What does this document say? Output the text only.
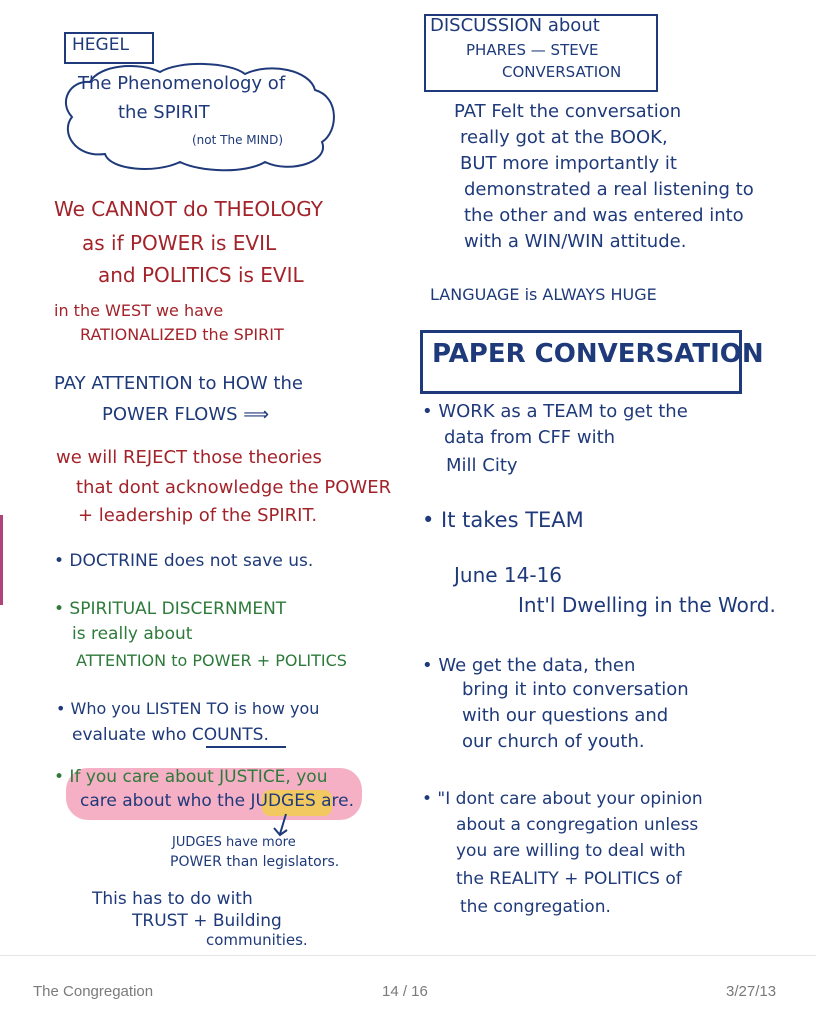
HEGEL
The Phenomenology of
the SPIRIT
(not The MIND)
We CANNOT do THEOLOGY
as if POWER is EVIL
and POLITICS is EVIL
in the WEST we have
RATIONALIZED the SPIRIT
PAY ATTENTION to HOW the
POWER FLOWS ⟹
we will REJECT those theories
that dont acknowledge the POWER
+ leadership of the SPIRIT.
• DOCTRINE does not save us.
• SPIRITUAL DISCERNMENT
is really about
ATTENTION to POWER + POLITICS
• Who you LISTEN TO is how you
evaluate who COUNTS.
• If you care about JUSTICE, you
care about who the JUDGES are.
JUDGES have more
POWER than legislators.
This has to do with
TRUST + Building
communities.
DISCUSSION about
PHARES — STEVE
CONVERSATION
PAT Felt the conversation
really got at the BOOK,
BUT more importantly it
demonstrated a real listening to
the other and was entered into
with a WIN/WIN attitude.
LANGUAGE is ALWAYS HUGE
PAPER CONVERSATION
• WORK as a TEAM to get the
data from CFF with
Mill City
• It takes TEAM
June 14-16
Int'l Dwelling in the Word.
• We get the data, then
bring it into conversation
with our questions and
our church of youth.
• "I dont care about your opinion
about a congregation unless
you are willing to deal with
the REALITY + POLITICS of
the congregation.
The Congregation	14 / 16	3/27/13
